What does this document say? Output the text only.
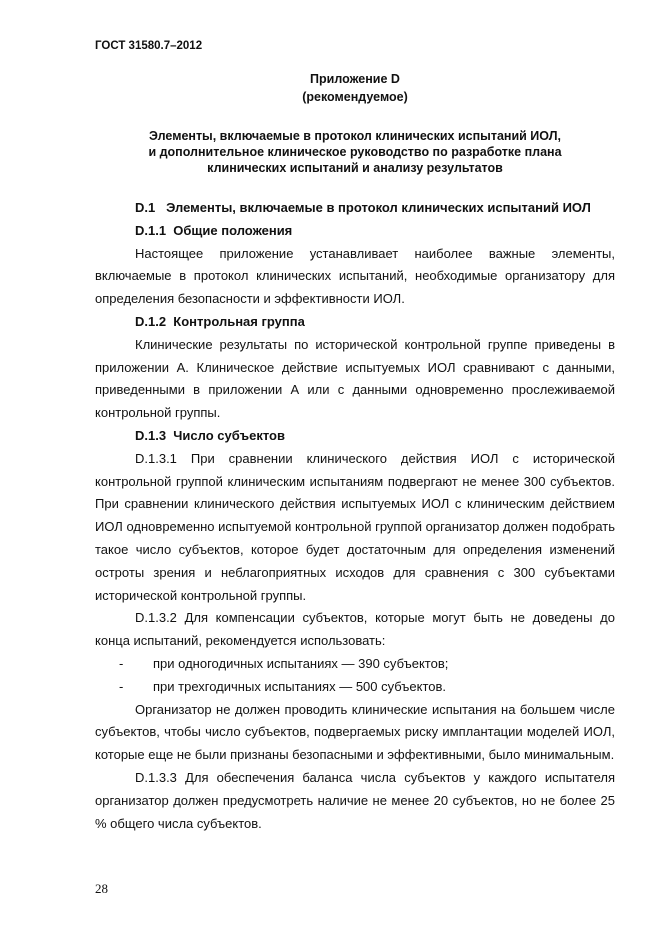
ГОСТ 31580.7–2012
Приложение D
(рекомендуемое)
Элементы, включаемые в протокол клинических испытаний ИОЛ,
и дополнительное клиническое руководство по разработке плана
клинических испытаний и анализу результатов
D.1   Элементы, включаемые в протокол клинических испытаний ИОЛ
D.1.1  Общие положения
Настоящее приложение устанавливает наиболее важные элементы, включаемые в протокол клинических испытаний, необходимые организатору для определения безопасности и эффективности ИОЛ.
D.1.2  Контрольная группа
Клинические результаты по исторической контрольной группе приведены в приложении А. Клиническое действие испытуемых ИОЛ сравнивают с данными, приведенными в приложении А или с данными одновременно прослеживаемой контрольной группы.
D.1.3  Число субъектов
D.1.3.1 При сравнении клинического действия ИОЛ с исторической контрольной группой клиническим испытаниям подвергают не менее 300 субъектов. При сравнении клинического действия испытуемых ИОЛ с клиническим действием ИОЛ одновременно испытуемой контрольной группой организатор должен подобрать такое число субъектов, которое будет достаточным для определения изменений остроты зрения и неблагоприятных исходов для сравнения с 300 субъектами исторической контрольной группы.
D.1.3.2 Для компенсации субъектов, которые могут быть не доведены до конца испытаний, рекомендуется использовать:
- при одногодичных испытаниях — 390 субъектов;
- при трехгодичных испытаниях — 500 субъектов.
Организатор не должен проводить клинические испытания на большем числе субъектов, чтобы число субъектов, подвергаемых риску имплантации моделей ИОЛ, которые еще не были признаны безопасными и эффективными, было минимальным.
D.1.3.3 Для обеспечения баланса числа субъектов у каждого испытателя организатор должен предусмотреть наличие не менее 20 субъектов, но не более 25 % общего числа субъектов.
28
